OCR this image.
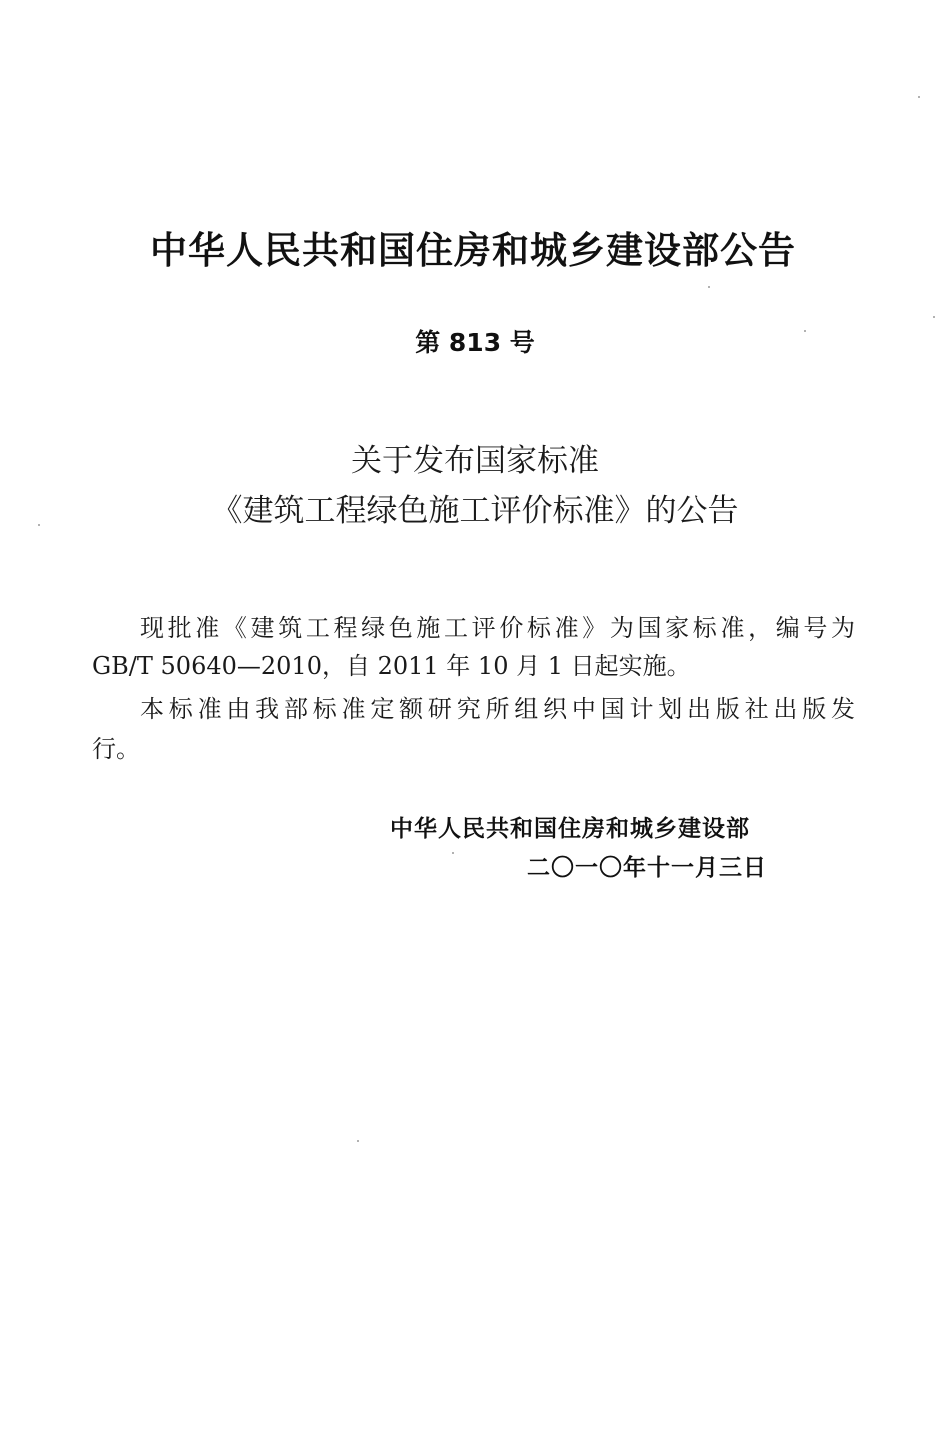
中华人民共和国住房和城乡建设部公告
第 813 号
关于发布国家标准
《建筑工程绿色施工评价标准》的公告
现批准《建筑工程绿色施工评价标准》为国家标准，编号为
GB/T 50640—2010，自 2011 年 10 月 1 日起实施。
本标准由我部标准定额研究所组织中国计划出版社出版发
行。
中华人民共和国住房和城乡建设部
二〇一〇年十一月三日
